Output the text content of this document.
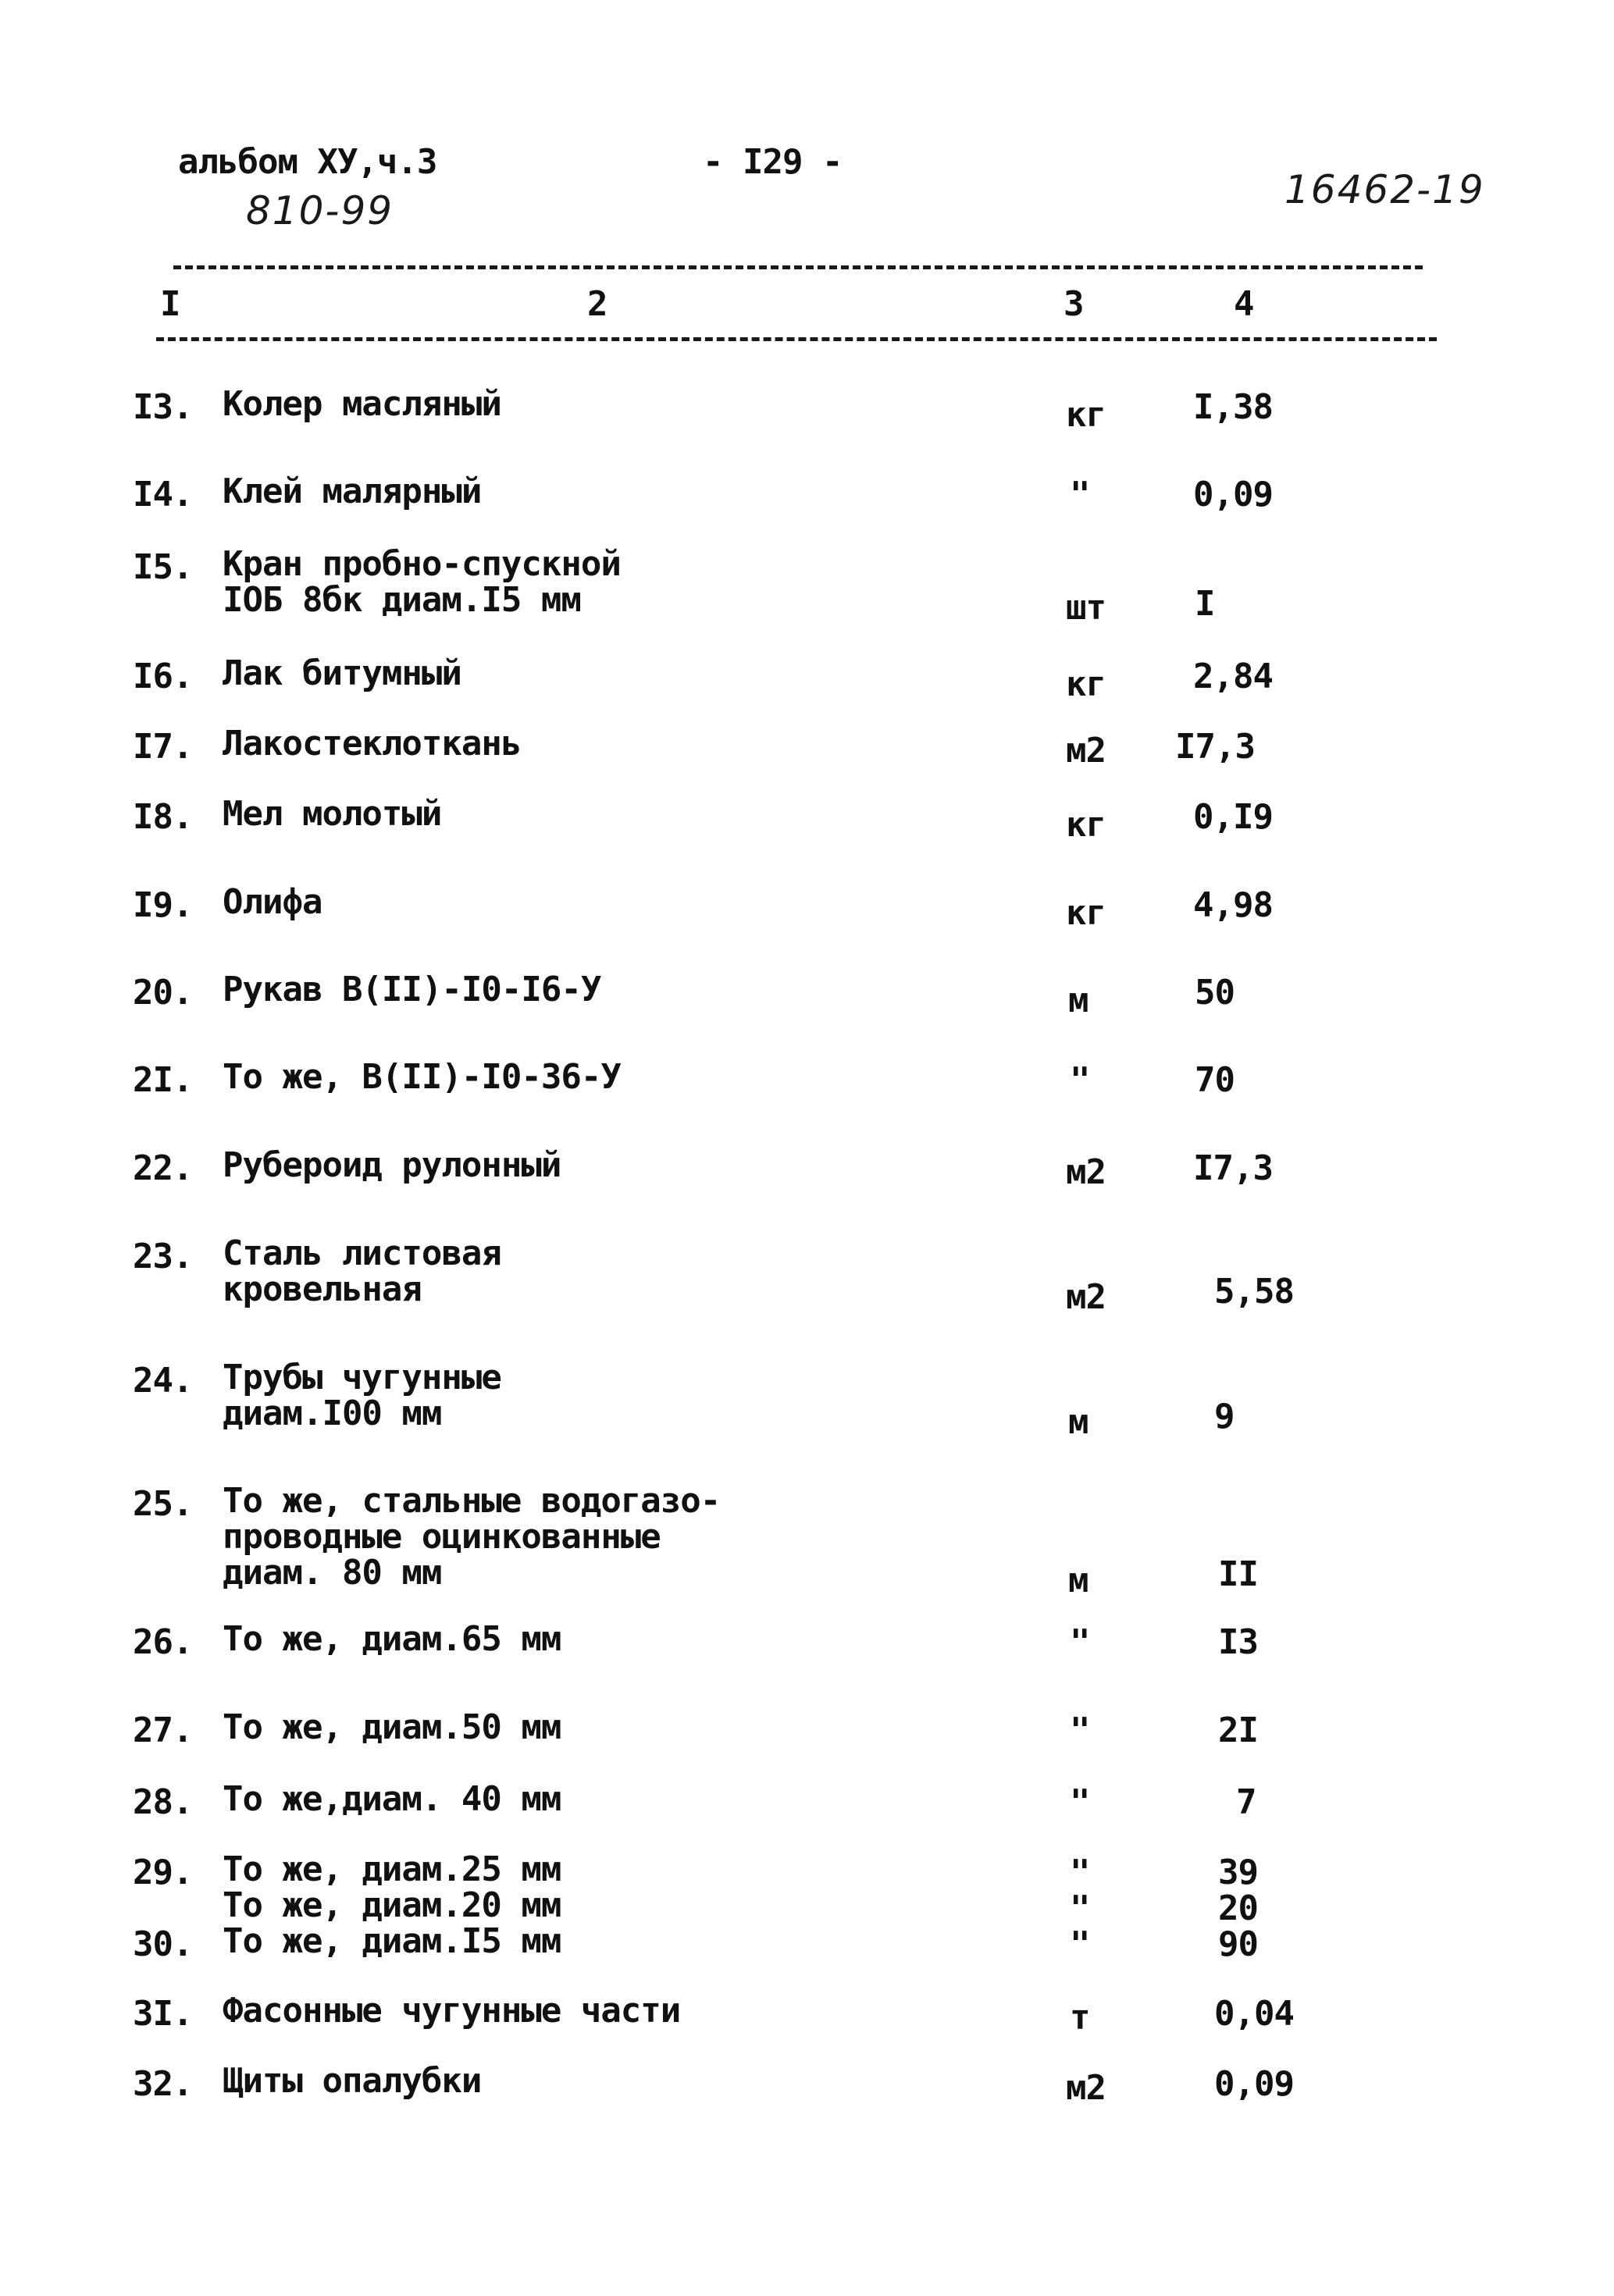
альбом ХУ,ч.3	- I29 -
810-99	16462-19
I	2	3	4
I3. Колер масляный	кг	I,38
I4. Клей малярный	"	0,09
I5. Кран пробно-спускной
IOБ 8бк диам.I5 мм	шт	I
I6. Лак битумный	кг	2,84
I7. Лакостеклоткань	м2 I7,3
I8. Мел молотый	кг	0,I9
I9. Олифа	кг	4,98
20. Рукав В(II)-I0-I6-У	м	50
2I. То же, В(II)-I0-36-У	"	70
22. Рубероид рулонный	м2	I7,3
23. Сталь листовая
кровельная	м2	5,58
24. Трубы чугунные
диам.I00 мм	м	9
25. То же, стальные водогазо-
проводные оцинкованные
диам. 80 мм	м	II
26. То же, диам.65 мм	"	I3
27. То же, диам.50 мм	"	2I
28. То же,диам. 40 мм	"	7
29. То же, диам.25 мм	"	39
То же, диам.20 мм	"	20
30. То же, диам.I5 мм	"	90
3I. Фасонные чугунные части	т	0,04
32. Щиты опалубки	м2	0,09
